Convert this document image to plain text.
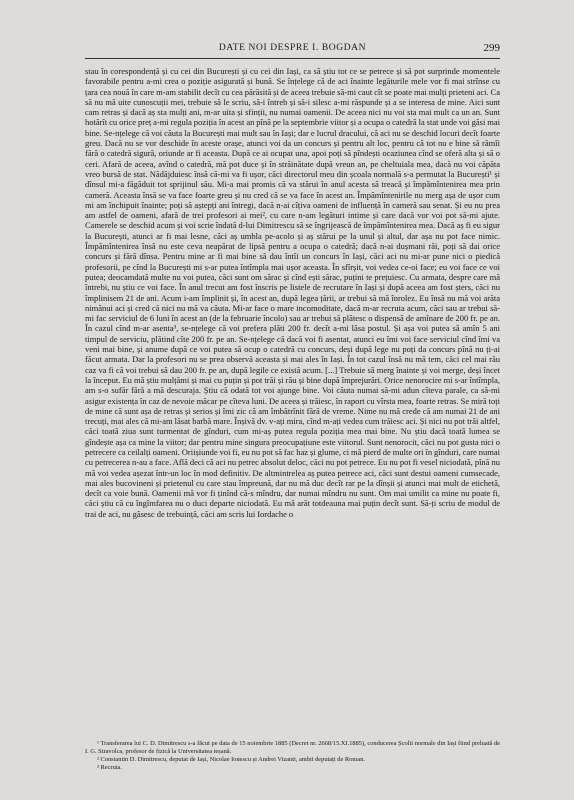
DATE NOI DESPRE I. BOGDAN	299

stau în corespondență și cu cei din București și cu cei din Iași, ca să știu tot ce se petrece și să pot surprinde momentele favorabile pentru a-mi crea o poziție asigurată și bună. Se înțelege că de aci înainte legăturile mele vor fi mai strînse cu țara cea nouă în care m-am stabilit decît cu cea părăsită și de aceea trebuie să-mi caut cît se poate mai mulți prieteni aci. Ca să nu mă uite cunoscuții mei, trebuie să le scriu, să-i întreb și să-i silesc a-mi răspunde și a se interesa de mine. Aici sunt cam retras și dacă aș sta mulți ani, m-ar uita și sfinții, nu numai oamenii. De aceea nici nu voi sta mai mult ca un an. Sunt hotărît cu orice preț a-mi regula poziția în acest an pînă pe la septembrie viitor și a ocupa o catedră la stat unde voi găsi mai bine. Se-nțelege că voi căuta la București mai mult sau în Iași; dar e lucrul dracului, că aci nu se deschid locuri decît foarte greu. Dacă nu se vor deschide în aceste orașe, atunci voi da un concurs și pentru alt loc, pentru că tot nu e bine să rămîi fără o catedră sigură, oriunde ar fi aceasta. După ce ai ocupat una, apoi poți să pîndești ocaziunea cînd se oferă alta și să o ceri. Afară de aceea, avînd o catedră, mă pot duce și în străinătate după vreun an, pe cheltuiala mea, dacă nu voi căpăta vreo bursă de stat. Nădăjduiesc însă că-mi va fi ușor, căci directorul meu din școala normală s-a permutat la București¹ și dînsul mi-a făgăduit tot sprijinul său. Mi-a mai promis că va stărui în anul acesta să treacă și împămîntenirea mea prin cameră. Aceasta însă se va face foarte greu și nu cred că se va face în acest an. Împămîntenirile nu merg așa de ușor cum mi am închipuit înainte; poți să aștepți ani întregi, dacă n-ai cîțiva oameni de influență în cameră sau senat. Și eu nu prea am astfel de oameni, afară de trei profesori ai mei², cu care n-am legături intime și care dacă vor voi pot să-mi ajute. Camerele se deschid acum și voi scrie îndată d-lui Dimitrescu să se îngrijească de împămîntenirea mea. Dacă aș fi eu sigur la București, atunci ar fi mai lesne, căci aș umbla pe-acolo și aș stărui pe la unul și altul, dar așa nu pot face nimic. Împămîntenirea însă nu este ceva neapărat de lipsă pentru a ocupa o catedră; dacă n-ai dușmani răi, poți să dai orice concurs și fără dînsa. Pentru mine ar fi mai bine să dau întîi un concurs în Iași, căci aci nu mi-ar pune nici o piedică profesorii, pe cînd la București mi s-ar putea întîmpla mai ușor aceasta. În sfîrșit, voi vedea ce-oi face; eu voi face ce voi putea; deocamdată multe nu voi putea, căci sunt om sărac și cînd ești sărac, puțini te prețuiesc. Cu armata, despre care mă întrebi, nu știu ce voi face. În anul trecut am fost înscris pe listele de recrutare în Iași și după aceea am fost șters, căci nu împlinisem 21 de ani. Acum i-am împlinit și, în acest an, după legea țării, ar trebui să mă înrolez. Eu însă nu mă voi arăta nimănui aci și cred că nici nu mă va căuta. Mi-ar face o mare incomoditate, dacă m-ar recruta acum, căci sau ar trebui să-mi fac serviciul de 6 luni în acest an (de la februarie încolo) sau ar trebui să plătesc o dispensă de amînare de 200 fr. pe an. În cazul cînd m-ar asenta³, se-nțelege că voi prefera plăti 200 fr. decît a-mi lăsa postul. Și așa voi putea să amîn 5 ani timpul de serviciu, plătind cîte 200 fr. pe an. Se-nțelege că dacă voi fi asentat, atunci eu îmi voi face serviciul cînd îmi va veni mai bine, și anume după ce voi putea să ocup o catedră cu concurs, deși după lege nu poți da concurs pînă nu ți-ai făcut armata. Dar la profesori nu se prea observă aceasta și mai ales în Iași. În tot cazul însă nu mă tem, căci cel mai rău caz va fi că voi trebui să dau 200 fr. pe an, după legile ce există acum. [...] Trebuie să merg înainte și voi merge, deși încet la început. Eu mă știu mulțămi și mai cu puțin și pot trăi și rău și bine după împrejurări. Orice nenorocire mi s-ar întîmpla, am s-o sufăr fără a mă descuraja. Știu că odată tot voi ajunge bine. Voi căuta numai să-mi adun cîteva parale, ca să-mi asigur existența în caz de nevoie măcar pe cîteva luni. De aceea și trăiesc, în raport cu vîrsta mea, foarte retras. Se miră toți de mine că sunt așa de retras și serios și îmi zic că am îmbătrînit fără de vreme. Nime nu mă crede că am numai 21 de ani trecuți, mai ales că mi-am lăsat barbă mare. Înșivă dv. v-ați mira, cînd m-ați vedea cum trăiesc aci. Și nici nu pot trăi altfel, căci toată ziua sunt turmentat de gînduri, cum mi-aș putea regula poziția mea mai bine. Nu știu dacă toată lumea se gîndește așa ca mine la viitor; dar pentru mine singura preocupațiune este viitorul. Sunt nenorocit, căci nu pot gusta nici o petrecere ca ceilalți oameni. Oriișiunde voi fi, eu nu pot să fac haz și glume, ci mă pierd de multe ori în gînduri, care numai cu petrecerea n-au a face. Află deci că aci nu petrec absolut deloc, căci nu pot petrece. Eu nu pot fi vesel niciodată, pînă nu mă voi vedea așezat într-un loc în mod definitiv. De altmintrelea aș putea petrece aci, căci sunt destui oameni cumsecade, mai ales bucovineni și prietenul cu care stau împreună, dar nu mă duc decît rar pe la dînșii și atunci mai mult de etichetă, decît ca voie bună. Oamenii mă vor fi ținînd că-s mîndru, dar numai mîndru nu sunt. Om mai umilit ca mine nu poate fi, căci știu că cu îngîmfarea nu o duci departe niciodată. Eu mă arăt totdeauna mai puțin decît sunt. Să-ți scriu de modul de trai de aci, nu găsesc de trebuință, căci am scris lui Iordache o

¹ Transferarea lui C. D. Dimitrescu s-a făcut pe data de 15 noiembrie 1885 (Decret nr. 2668/15.XI.1885), conducerea Școlii normale din Iași fiind preluată de I. G. Stravolca, profesor de fizică la Universitatea ieșană.

² Constantin D. Dimitrescu, deputat de Iași, Nicolae Ionescu și Andrei Vizanti, ambii deputați de Roman.

³ Recruta.
